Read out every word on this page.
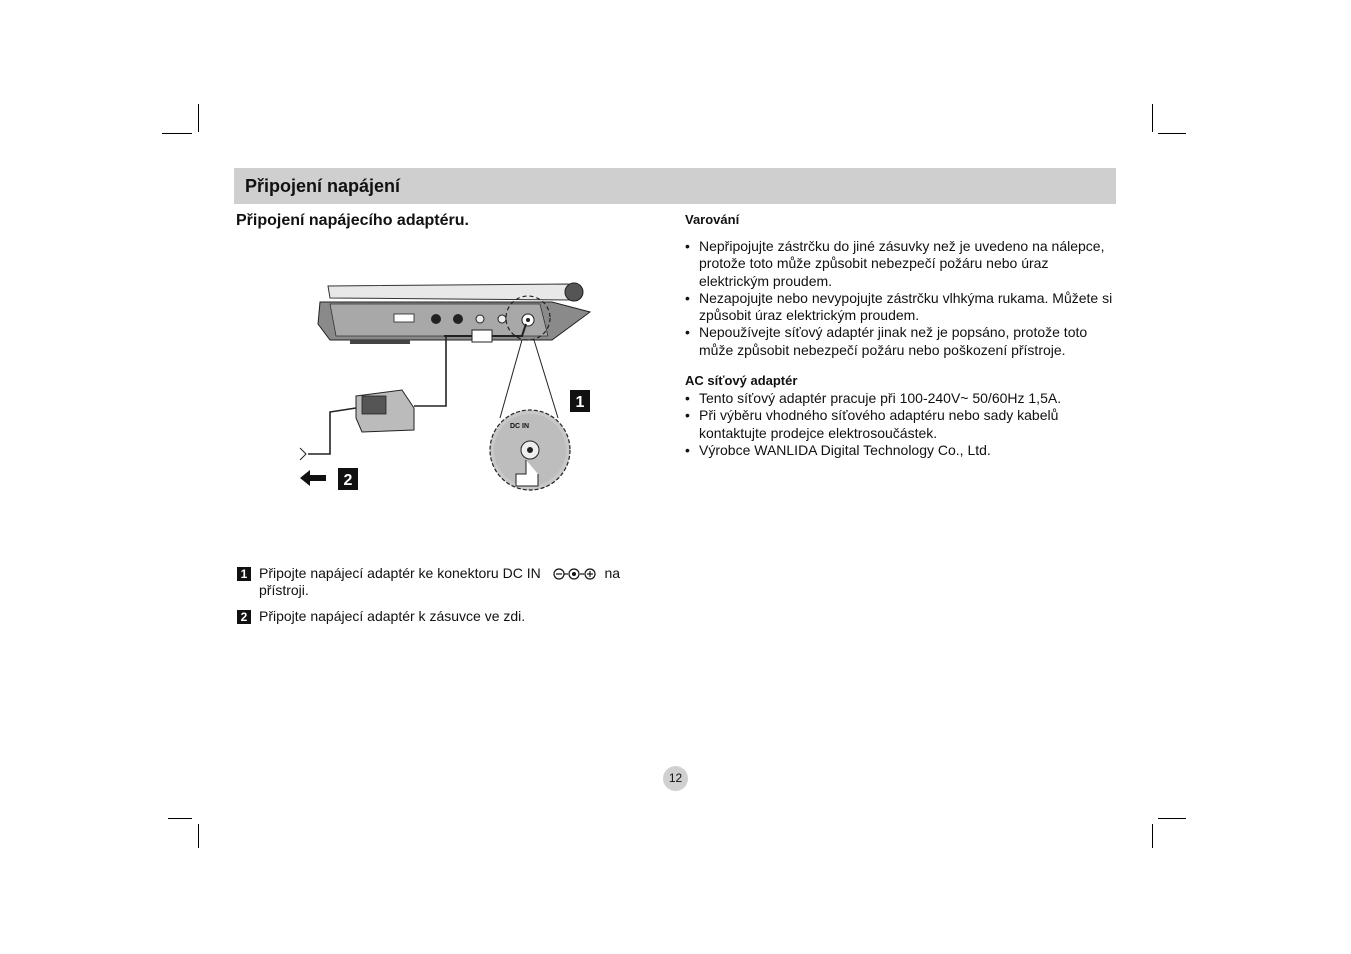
Připojení napájení
Připojení napájecího adaptéru.
DC IN
1
2
1 Připojte napájecí adaptér ke konektoru DC IN	na přístroji.
2 Připojte napájecí adaptér k zásuvce ve zdi.
Varování
• Nepřipojujte zástrčku do jiné zásuvky než je uvedeno na nálepce, protože toto může způsobit nebezpečí požáru nebo úraz elektrickým proudem.
• Nezapojujte nebo nevypojujte zástrčku vlhkýma rukama. Můžete si způsobit úraz elektrickým proudem.
• Nepoužívejte síťový adaptér jinak než je popsáno, protože toto může způsobit nebezpečí požáru nebo poškození přístroje.
AC síťový adaptér
• Tento síťový adaptér pracuje při 100-240V~ 50/60Hz 1,5A.
• Při výběru vhodného síťového adaptéru nebo sady kabelů kontaktujte prodejce elektrosoučástek.
• Výrobce WANLIDA Digital Technology Co., Ltd.
12
